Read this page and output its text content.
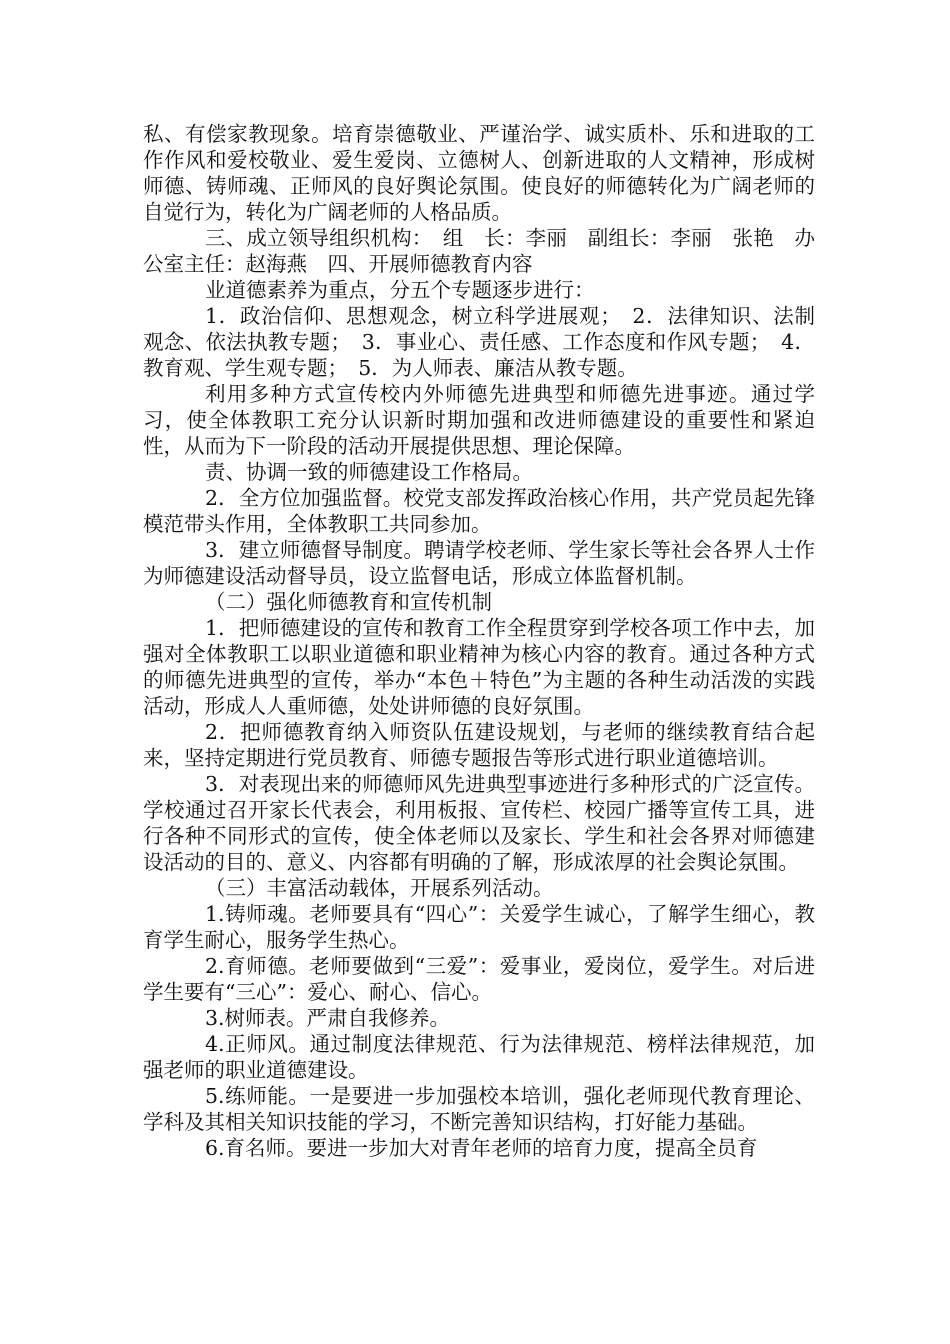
私、有偿家教现象。培育崇德敬业、严谨治学、诚实质朴、乐和进取的工作作风和爱校敬业、爱生爱岗、立德树人、创新进取的人文精神，形成树师德、铸师魂、正师风的良好舆论氛围。使良好的师德转化为广阔老师的自觉行为，转化为广阔老师的人格品质。

三、成立领导组织机构：　组　长：李丽　副组长：李丽　张艳　办公室主任：赵海燕　四、开展师德教育内容

业道德素养为重点，分五个专题逐步进行：

1．政治信仰、思想观念，树立科学进展观；　2．法律知识、法制观念、依法执教专题；　3．事业心、责任感、工作态度和作风专题；　4．教育观、学生观专题；　5．为人师表、廉洁从教专题。

利用多种方式宣传校内外师德先进典型和师德先进事迹。通过学习，使全体教职工充分认识新时期加强和改进师德建设的重要性和紧迫性，从而为下一阶段的活动开展提供思想、理论保障。

责、协调一致的师德建设工作格局。

2．全方位加强监督。校党支部发挥政治核心作用，共产党员起先锋模范带头作用，全体教职工共同参加。

3．建立师德督导制度。聘请学校老师、学生家长等社会各界人士作为师德建设活动督导员，设立监督电话，形成立体监督机制。

（二）强化师德教育和宣传机制

1．把师德建设的宣传和教育工作全程贯穿到学校各项工作中去，加强对全体教职工以职业道德和职业精神为核心内容的教育。通过各种方式的师德先进典型的宣传，举办“本色＋特色”为主题的各种生动活泼的实践活动，形成人人重师德，处处讲师德的良好氛围。

2．把师德教育纳入师资队伍建设规划，与老师的继续教育结合起来，坚持定期进行党员教育、师德专题报告等形式进行职业道德培训。

3．对表现出来的师德师风先进典型事迹进行多种形式的广泛宣传。学校通过召开家长代表会，利用板报、宣传栏、校园广播等宣传工具，进行各种不同形式的宣传，使全体老师以及家长、学生和社会各界对师德建设活动的目的、意义、内容都有明确的了解，形成浓厚的社会舆论氛围。

（三）丰富活动载体，开展系列活动。

1.铸师魂。老师要具有“四心”：关爱学生诚心，了解学生细心，教育学生耐心，服务学生热心。

2.育师德。老师要做到“三爱”：爱事业，爱岗位，爱学生。对后进学生要有“三心”：爱心、耐心、信心。

3.树师表。严肃自我修养。

4.正师风。通过制度法律规范、行为法律规范、榜样法律规范，加强老师的职业道德建设。

5.练师能。一是要进一步加强校本培训，强化老师现代教育理论、学科及其相关知识技能的学习，不断完善知识结构，打好能力基础。

6.育名师。要进一步加大对青年老师的培育力度，提高全员育
